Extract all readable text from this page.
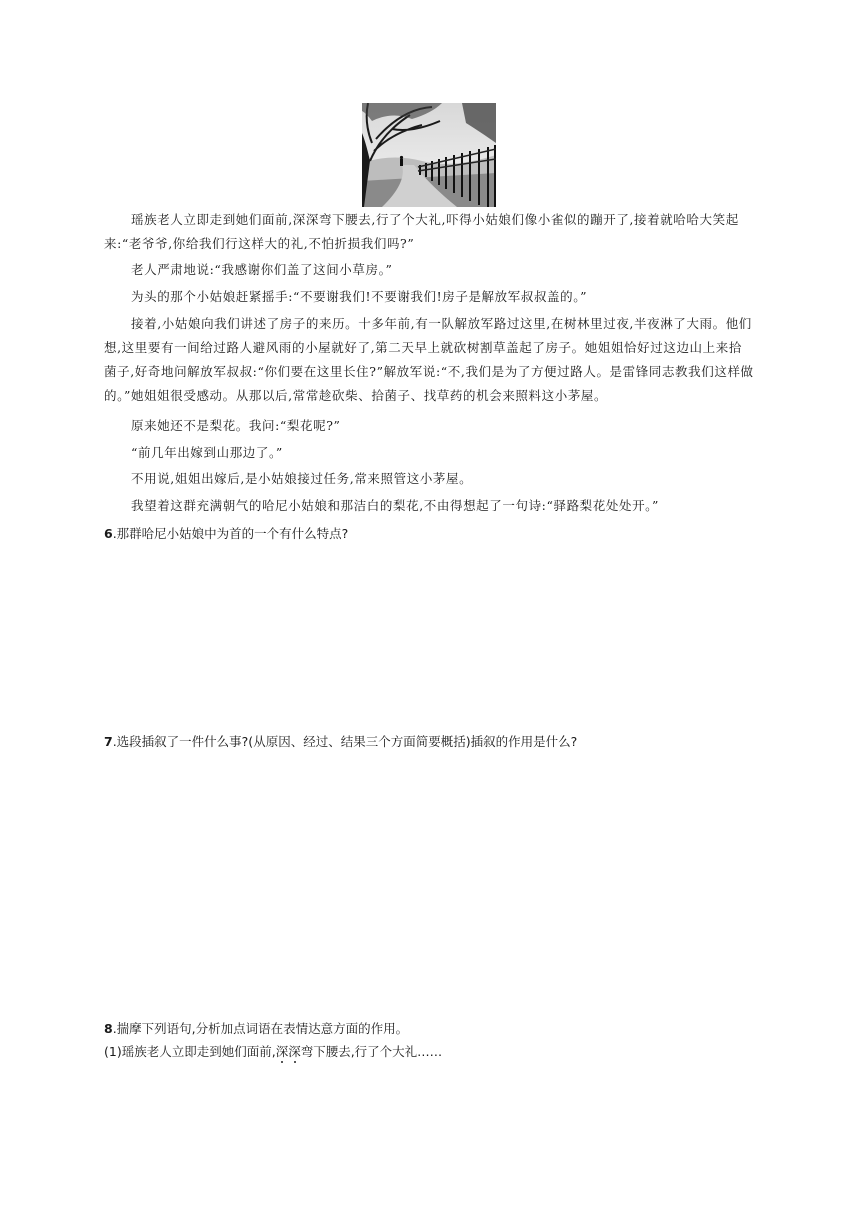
瑶族老人立即走到她们面前,深深弯下腰去,行了个大礼,吓得小姑娘们像小雀似的蹦开了,接着就哈哈大笑起来:“老爷爷,你给我们行这样大的礼,不怕折损我们吗?”

老人严肃地说:“我感谢你们盖了这间小草房。”

为头的那个小姑娘赶紧摇手:“不要谢我们!不要谢我们!房子是解放军叔叔盖的。”

接着,小姑娘向我们讲述了房子的来历。十多年前,有一队解放军路过这里,在树林里过夜,半夜淋了大雨。他们想,这里要有一间给过路人避风雨的小屋就好了,第二天早上就砍树割草盖起了房子。她姐姐恰好过这边山上来拾菌子,好奇地问解放军叔叔:“你们要在这里长住?”解放军说:“不,我们是为了方便过路人。是雷锋同志教我们这样做的。”她姐姐很受感动。从那以后,常常趁砍柴、拾菌子、找草药的机会来照料这小茅屋。

原来她还不是梨花。我问:“梨花呢?”

“前几年出嫁到山那边了。”

不用说,姐姐出嫁后,是小姑娘接过任务,常来照管这小茅屋。

我望着这群充满朝气的哈尼小姑娘和那洁白的梨花,不由得想起了一句诗:“驿路梨花处处开。”

6.那群哈尼小姑娘中为首的一个有什么特点?

7.选段插叙了一件什么事?(从原因、经过、结果三个方面简要概括)插叙的作用是什么?

8.揣摩下列语句,分析加点词语在表情达意方面的作用。

(1)瑶族老人立即走到她们面前,深深
弯下腰去,行了个大礼……
